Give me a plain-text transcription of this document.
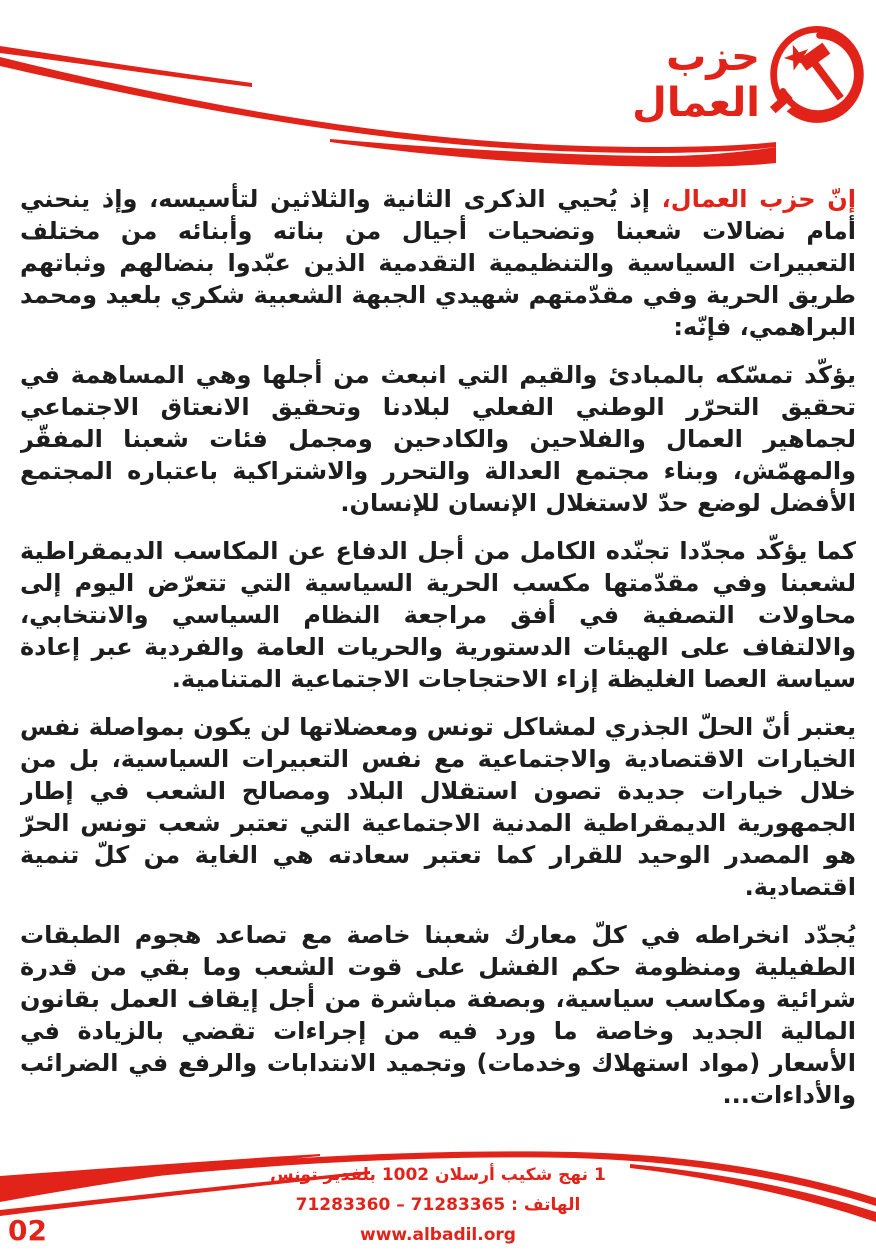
حزب
العمال

إنّ حزب العمال، إذ يُحيي الذكرى الثانية والثلاثين لتأسيسه، وإذ ينحني أمام نضالات شعبنا وتضحيات أجيال من بناته وأبنائه من مختلف التعبيرات السياسية والتنظيمية التقدمية الذين عبّدوا بنضالهم وثباتهم طريق الحرية وفي مقدّمتهم شهيدي الجبهة الشعبية شكري بلعيد ومحمد البراهمي، فإنّه:

يؤكّد تمسّكه بالمبادئ والقيم التي انبعث من أجلها وهي المساهمة في تحقيق التحرّر الوطني الفعلي لبلادنا وتحقيق الانعتاق الاجتماعي لجماهير العمال والفلاحين والكادحين ومجمل فئات شعبنا المفقّر والمهمّش، وبناء مجتمع العدالة والتحرر والاشتراكية باعتباره المجتمع الأفضل لوضع حدّ لاستغلال الإنسان للإنسان.

كما يؤكّد مجدّدا تجنّده الكامل من أجل الدفاع عن المكاسب الديمقراطية لشعبنا وفي مقدّمتها مكسب الحرية السياسية التي تتعرّض اليوم إلى محاولات التصفية في أفق مراجعة النظام السياسي والانتخابي، والالتفاف على الهيئات الدستورية والحريات العامة والفردية عبر إعادة سياسة العصا الغليظة إزاء الاحتجاجات الاجتماعية المتنامية.

يعتبر أنّ الحلّ الجذري لمشاكل تونس ومعضلاتها لن يكون بمواصلة نفس الخيارات الاقتصادية والاجتماعية مع نفس التعبيرات السياسية، بل من خلال خيارات جديدة تصون استقلال البلاد ومصالح الشعب في إطار الجمهورية الديمقراطية المدنية الاجتماعية التي تعتبر شعب تونس الحرّ هو المصدر الوحيد للقرار كما تعتبر سعادته هي الغاية من كلّ تنمية اقتصادية.

يُجدّد انخراطه في كلّ معارك شعبنا خاصة مع تصاعد هجوم الطبقات الطفيلية ومنظومة حكم الفشل على قوت الشعب وما بقي من قدرة شرائية ومكاسب سياسية، وبصفة مباشرة من أجل إيقاف العمل بقانون المالية الجديد وخاصة ما ورد فيه من إجراءات تقضي بالزيادة في الأسعار (مواد استهلاك وخدمات) وتجميد الانتدابات والرفع في الضرائب والأداءات...

1 نهج شكيب أرسلان 1002 بلفدير تونس
الهاتف : 71283365 – 71283360
www.albadil.org
02
